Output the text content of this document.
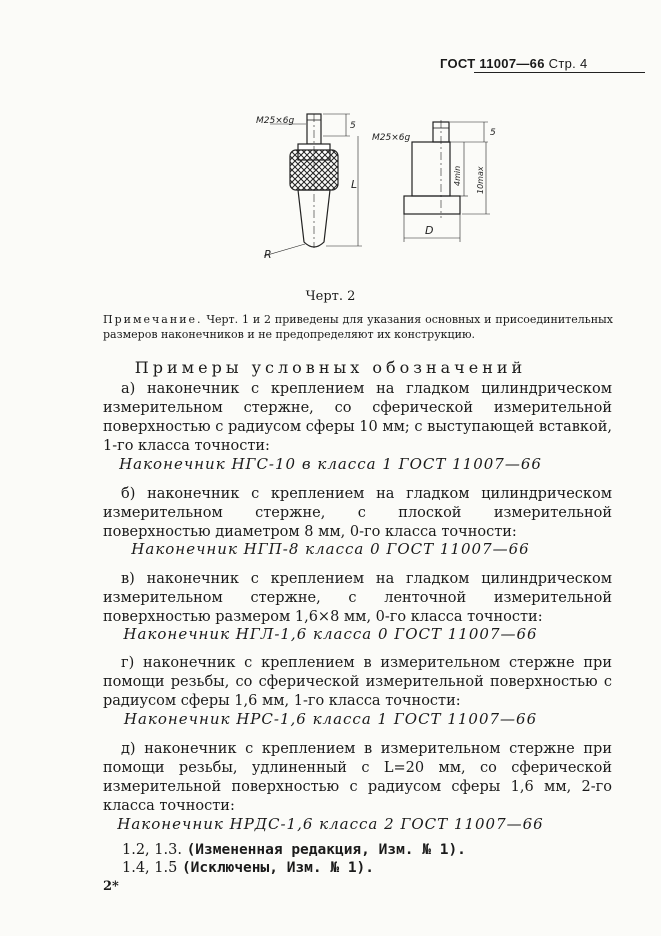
ГОСТ 11007—66 Стр. 4
M25×6g	5
L
R
M25×6g	5
4min 10max
D
Черт. 2
Примечание. Черт. 1 и 2 приведены для указания основных и присоединительных размеров наконечников и не предопределяют их конструкцию.
Примеры условных обозначений
а) наконечник с креплением на гладком цилиндрическом измерительном стержне, со сферической измерительной поверхностью с радиусом сферы 10 мм; с выступающей вставкой, 1-го класса точности:
Наконечник НГС-10 в класса 1 ГОСТ 11007—66
б) наконечник с креплением на гладком цилиндрическом измерительном стержне, с плоской измерительной поверхностью диаметром 8 мм, 0-го класса точности:
Наконечник НГП-8 класса 0 ГОСТ 11007—66
в) наконечник с креплением на гладком цилиндрическом измерительном стержне, с ленточной измерительной поверхностью размером 1,6×8 мм, 0-го класса точности:
Наконечник НГЛ-1,6 класса 0 ГОСТ 11007—66
г) наконечник с креплением в измерительном стержне при помощи резьбы, со сферической измерительной поверхностью с радиусом сферы 1,6 мм, 1-го класса точности:
Наконечник НРС-1,6 класса 1 ГОСТ 11007—66
д) наконечник с креплением в измерительном стержне при помощи резьбы, удлиненный с L=20 мм, со сферической измерительной поверхностью с радиусом сферы 1,6 мм, 2-го класса точности:
Наконечник НРДС-1,6 класса 2 ГОСТ 11007—66
1.2, 1.3. (Измененная редакция, Изм. № 1).
1.4, 1.5 (Исключены, Изм. № 1).
2*
